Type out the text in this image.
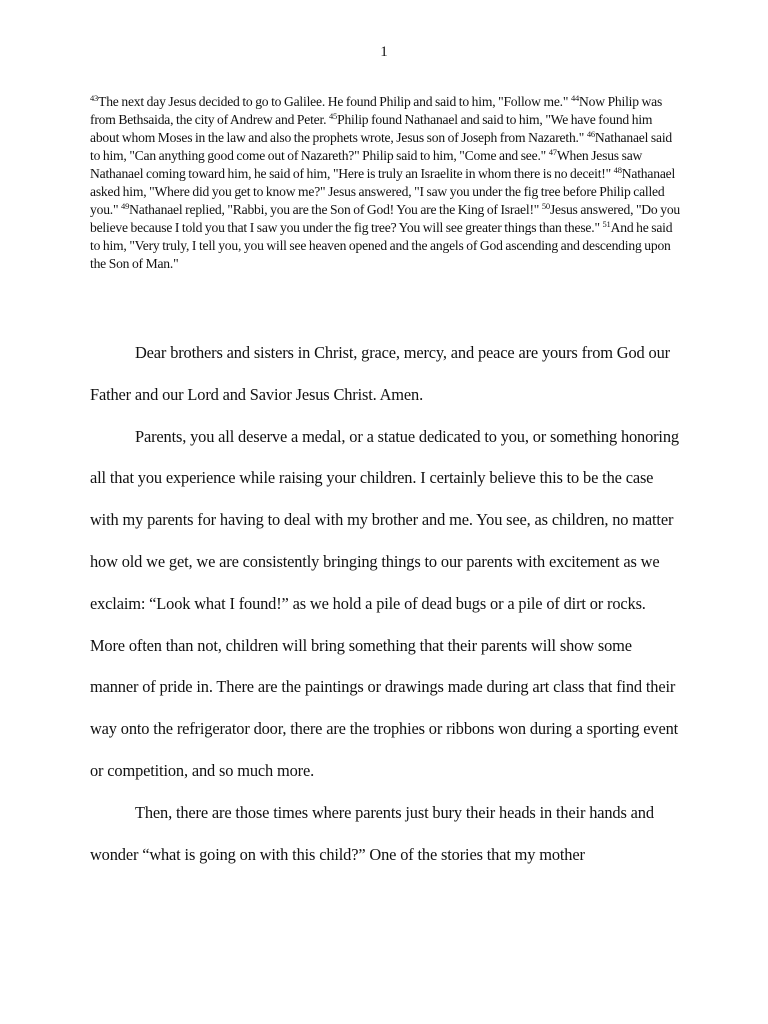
1
$^{43}$The next day Jesus decided to go to Galilee. He found Philip and said to him, "Follow me." $^{44}$Now Philip was from Bethsaida, the city of Andrew and Peter. $^{45}$Philip found Nathanael and said to him, "We have found him about whom Moses in the law and also the prophets wrote, Jesus son of Joseph from Nazareth." $^{46}$Nathanael said to him, "Can anything good come out of Nazareth?" Philip said to him, "Come and see." $^{47}$When Jesus saw Nathanael coming toward him, he said of him, "Here is truly an Israelite in whom there is no deceit!" $^{48}$Nathanael asked him, "Where did you get to know me?" Jesus answered, "I saw you under the fig tree before Philip called you." $^{49}$Nathanael replied, "Rabbi, you are the Son of God! You are the King of Israel!" $^{50}$Jesus answered, "Do you believe because I told you that I saw you under the fig tree? You will see greater things than these." $^{51}$And he said to him, "Very truly, I tell you, you will see heaven opened and the angels of God ascending and descending upon the Son of Man."

Dear brothers and sisters in Christ, grace, mercy, and peace are yours from God our Father and our Lord and Savior Jesus Christ. Amen.

Parents, you all deserve a medal, or a statue dedicated to you, or something honoring all that you experience while raising your children. I certainly believe this to be the case with my parents for having to deal with my brother and me. You see, as children, no matter how old we get, we are consistently bringing things to our parents with excitement as we exclaim: “Look what I found!” as we hold a pile of dead bugs or a pile of dirt or rocks. More often than not, children will bring something that their parents will show some manner of pride in. There are the paintings or drawings made during art class that find their way onto the refrigerator door, there are the trophies or ribbons won during a sporting event or competition, and so much more.

Then, there are those times where parents just bury their heads in their hands and wonder “what is going on with this child?” One of the stories that my mother
